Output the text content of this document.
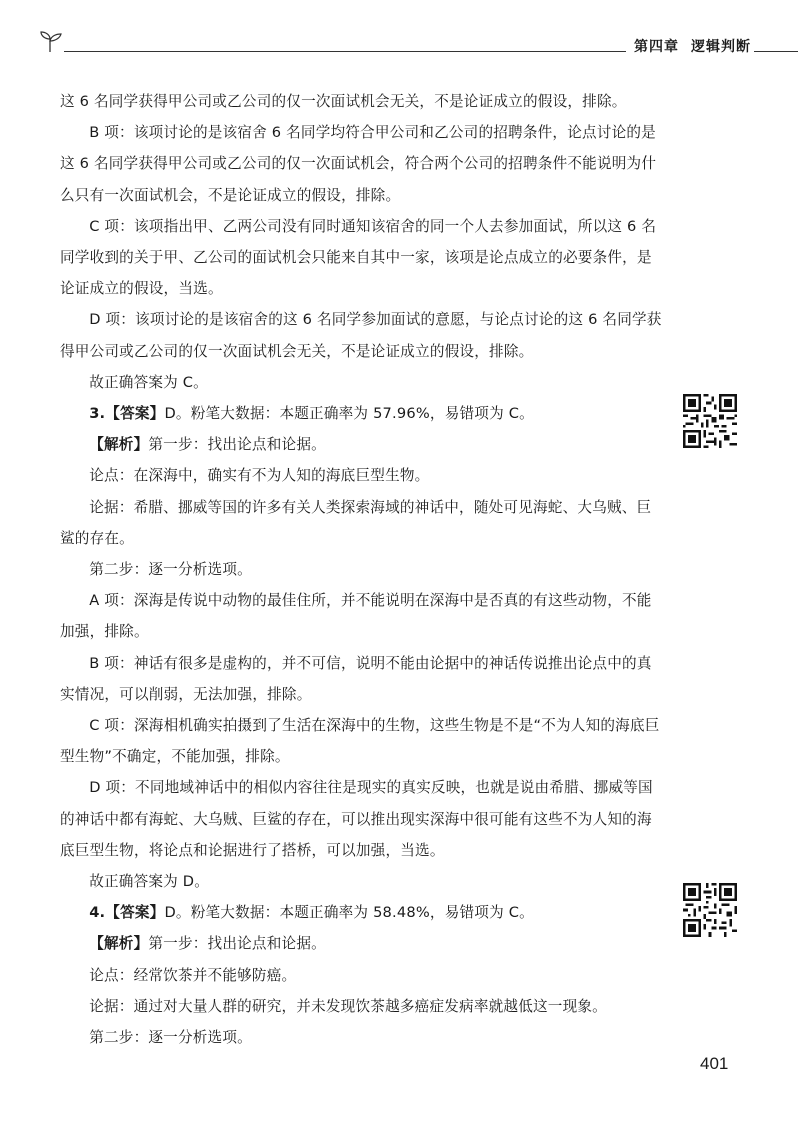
第四章 逻辑判断

这 6 名同学获得甲公司或乙公司的仅一次面试机会无关，不是论证成立的假设，排除。

B 项：该项讨论的是该宿舍 6 名同学均符合甲公司和乙公司的招聘条件，论点讨论的是这 6 名同学获得甲公司或乙公司的仅一次面试机会，符合两个公司的招聘条件不能说明为什么只有一次面试机会，不是论证成立的假设，排除。

C 项：该项指出甲、乙两公司没有同时通知该宿舍的同一个人去参加面试，所以这 6 名同学收到的关于甲、乙公司的面试机会只能来自其中一家，该项是论点成立的必要条件，是论证成立的假设，当选。

D 项：该项讨论的是该宿舍的这 6 名同学参加面试的意愿，与论点讨论的这 6 名同学获得甲公司或乙公司的仅一次面试机会无关，不是论证成立的假设，排除。

故正确答案为 C。

3.【答案】D。粉笔大数据：本题正确率为 57.96%，易错项为 C。

【解析】第一步：找出论点和论据。

论点：在深海中，确实有不为人知的海底巨型生物。

论据：希腊、挪威等国的许多有关人类探索海域的神话中，随处可见海蛇、大乌贼、巨鲨的存在。

第二步：逐一分析选项。

A 项：深海是传说中动物的最佳住所，并不能说明在深海中是否真的有这些动物，不能加强，排除。

B 项：神话有很多是虚构的，并不可信，说明不能由论据中的神话传说推出论点中的真实情况，可以削弱，无法加强，排除。

C 项：深海相机确实拍摄到了生活在深海中的生物，这些生物是不是“不为人知的海底巨型生物”不确定，不能加强，排除。

D 项：不同地域神话中的相似内容往往是现实的真实反映，也就是说由希腊、挪威等国的神话中都有海蛇、大乌贼、巨鲨的存在，可以推出现实深海中很可能有这些不为人知的海底巨型生物，将论点和论据进行了搭桥，可以加强，当选。

故正确答案为 D。

4.【答案】D。粉笔大数据：本题正确率为 58.48%，易错项为 C。

【解析】第一步：找出论点和论据。

论点：经常饮茶并不能够防癌。

论据：通过对大量人群的研究，并未发现饮茶越多癌症发病率就越低这一现象。

第二步：逐一分析选项。

401
